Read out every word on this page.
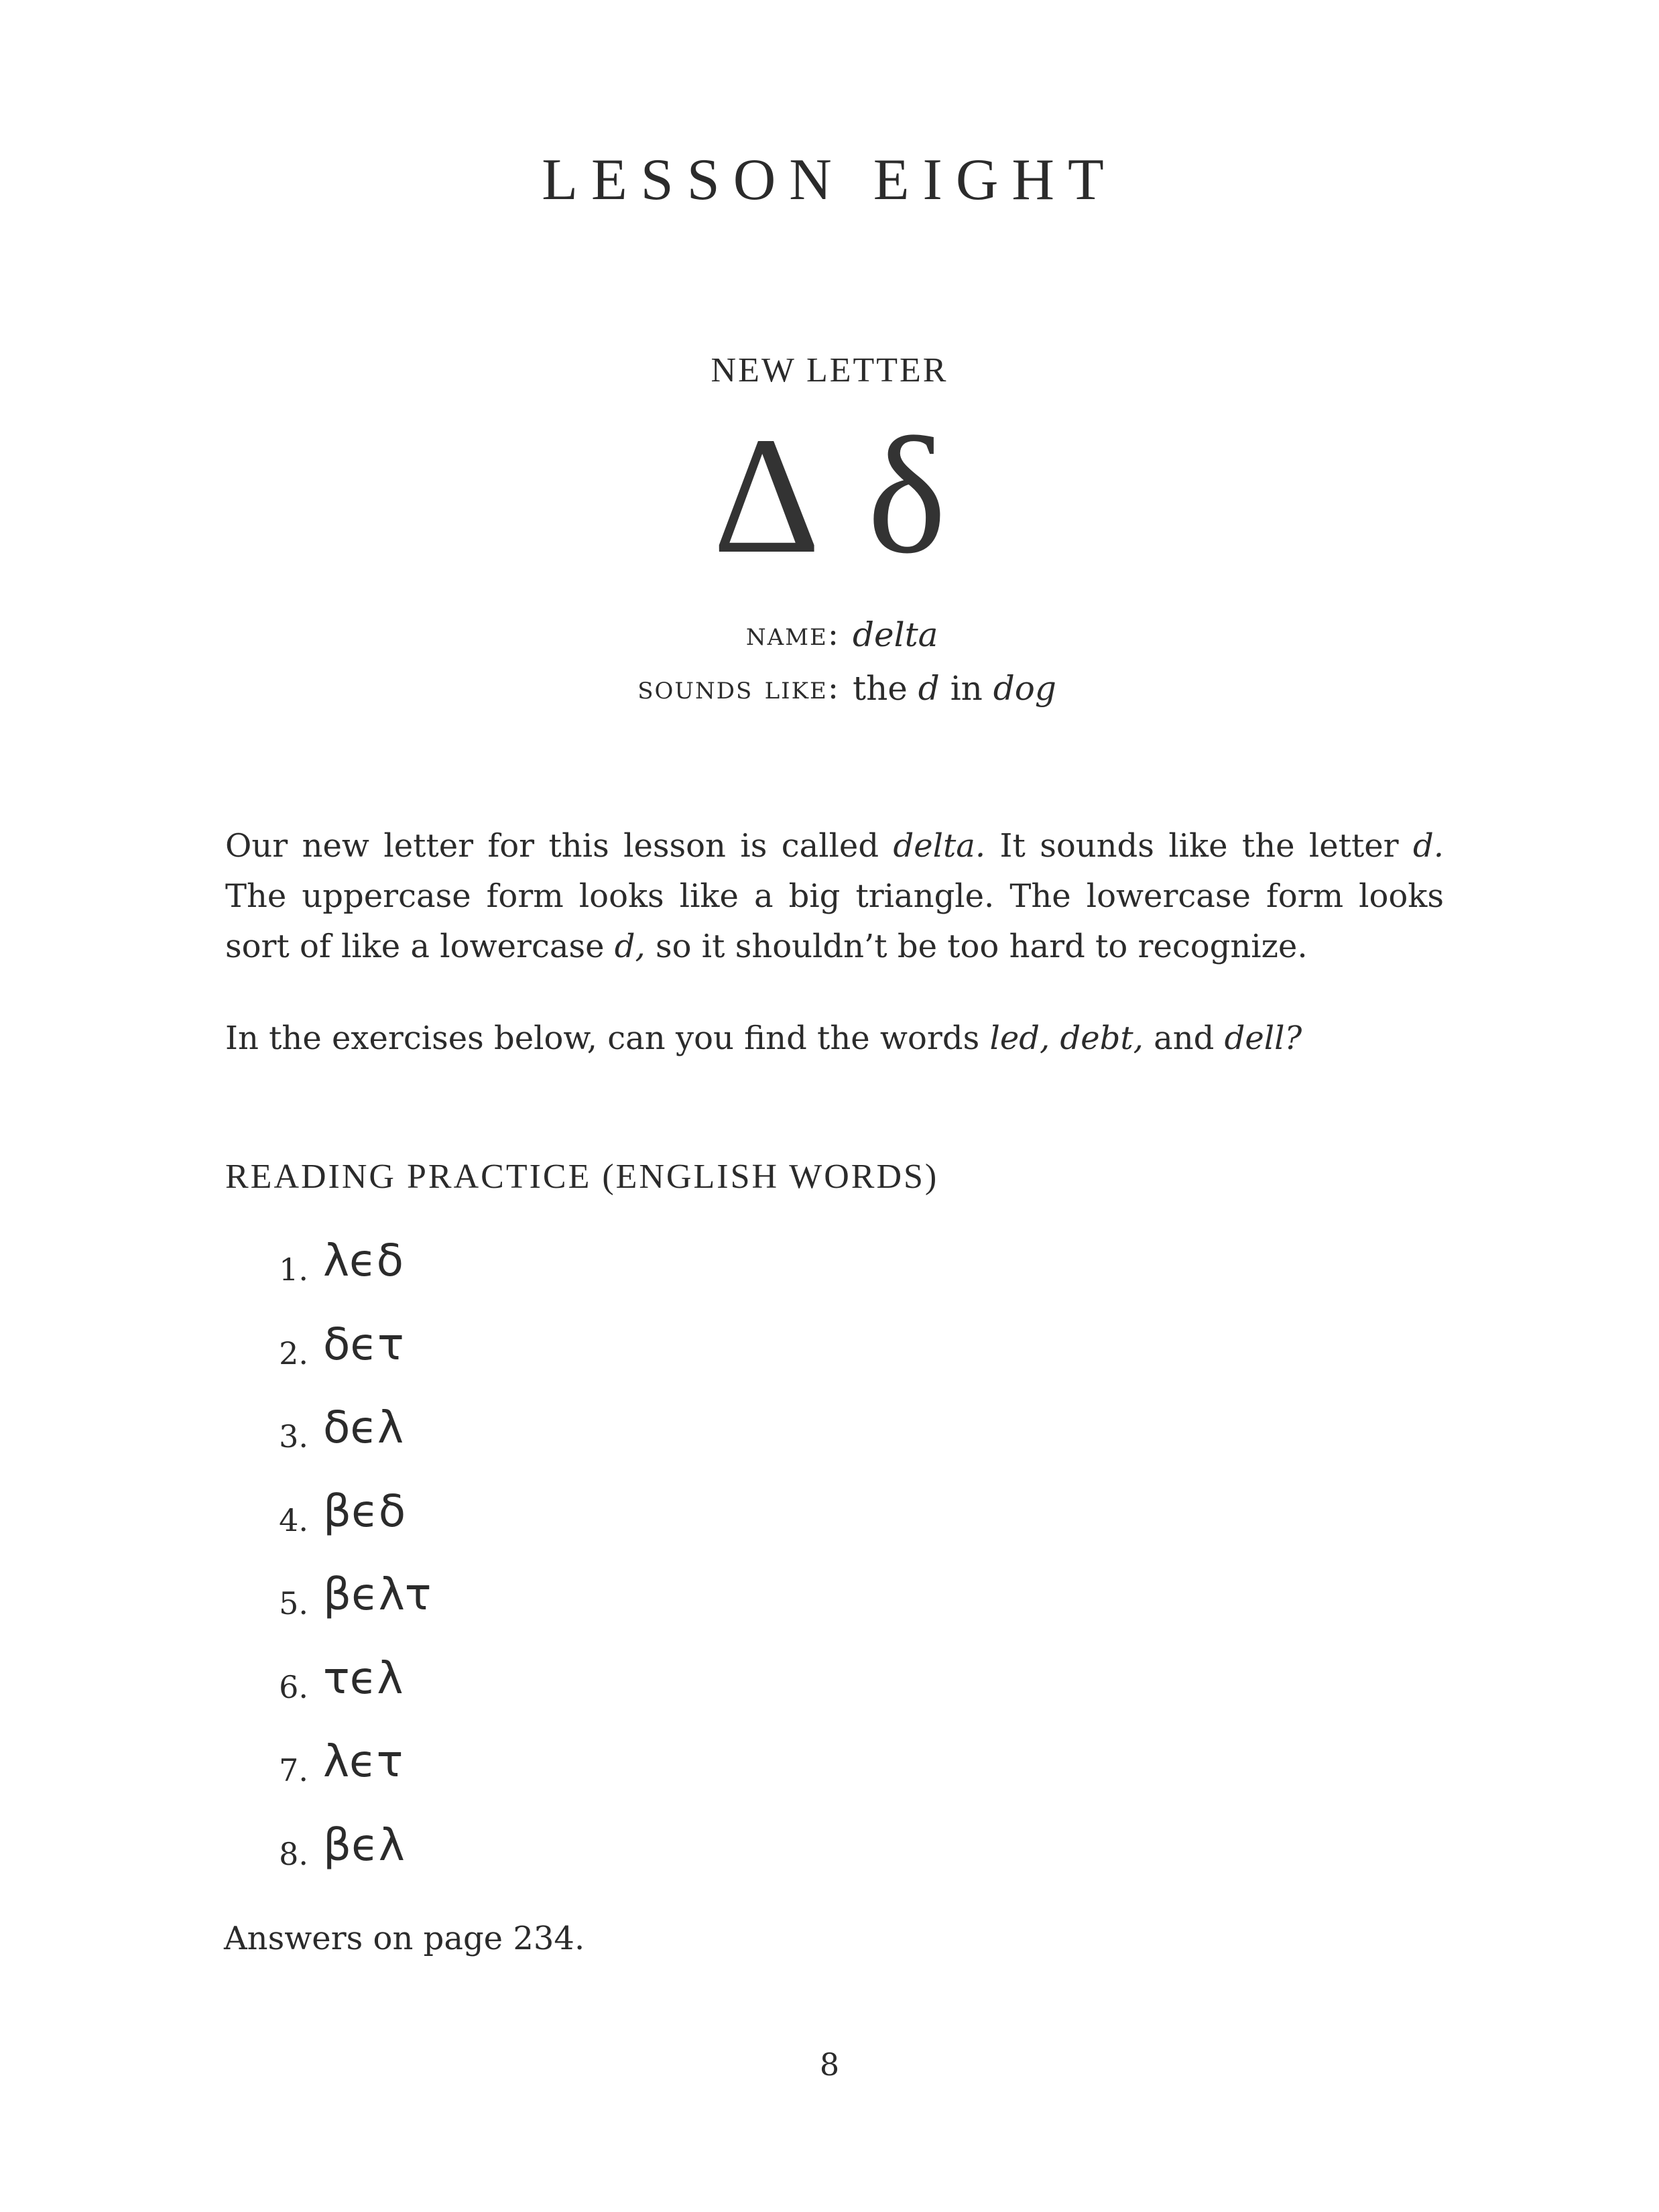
LESSON EIGHT
NEW LETTER
Δ δ
name: delta
sounds like: the d in dog
Our new letter for this lesson is called delta. It sounds like the letter d. The uppercase form looks like a big triangle. The lowercase form looks sort of like a lowercase d, so it shouldn’t be too hard to recognize.
In the exercises below, can you find the words led, debt, and dell?
READING PRACTICE (ENGLISH WORDS)
1. λϵδ
2. δϵτ
3. δϵλ
4. βϵδ
5. βϵλτ
6. τϵλ
7. λϵτ
8. βϵλ
Answers on page 234.
8
